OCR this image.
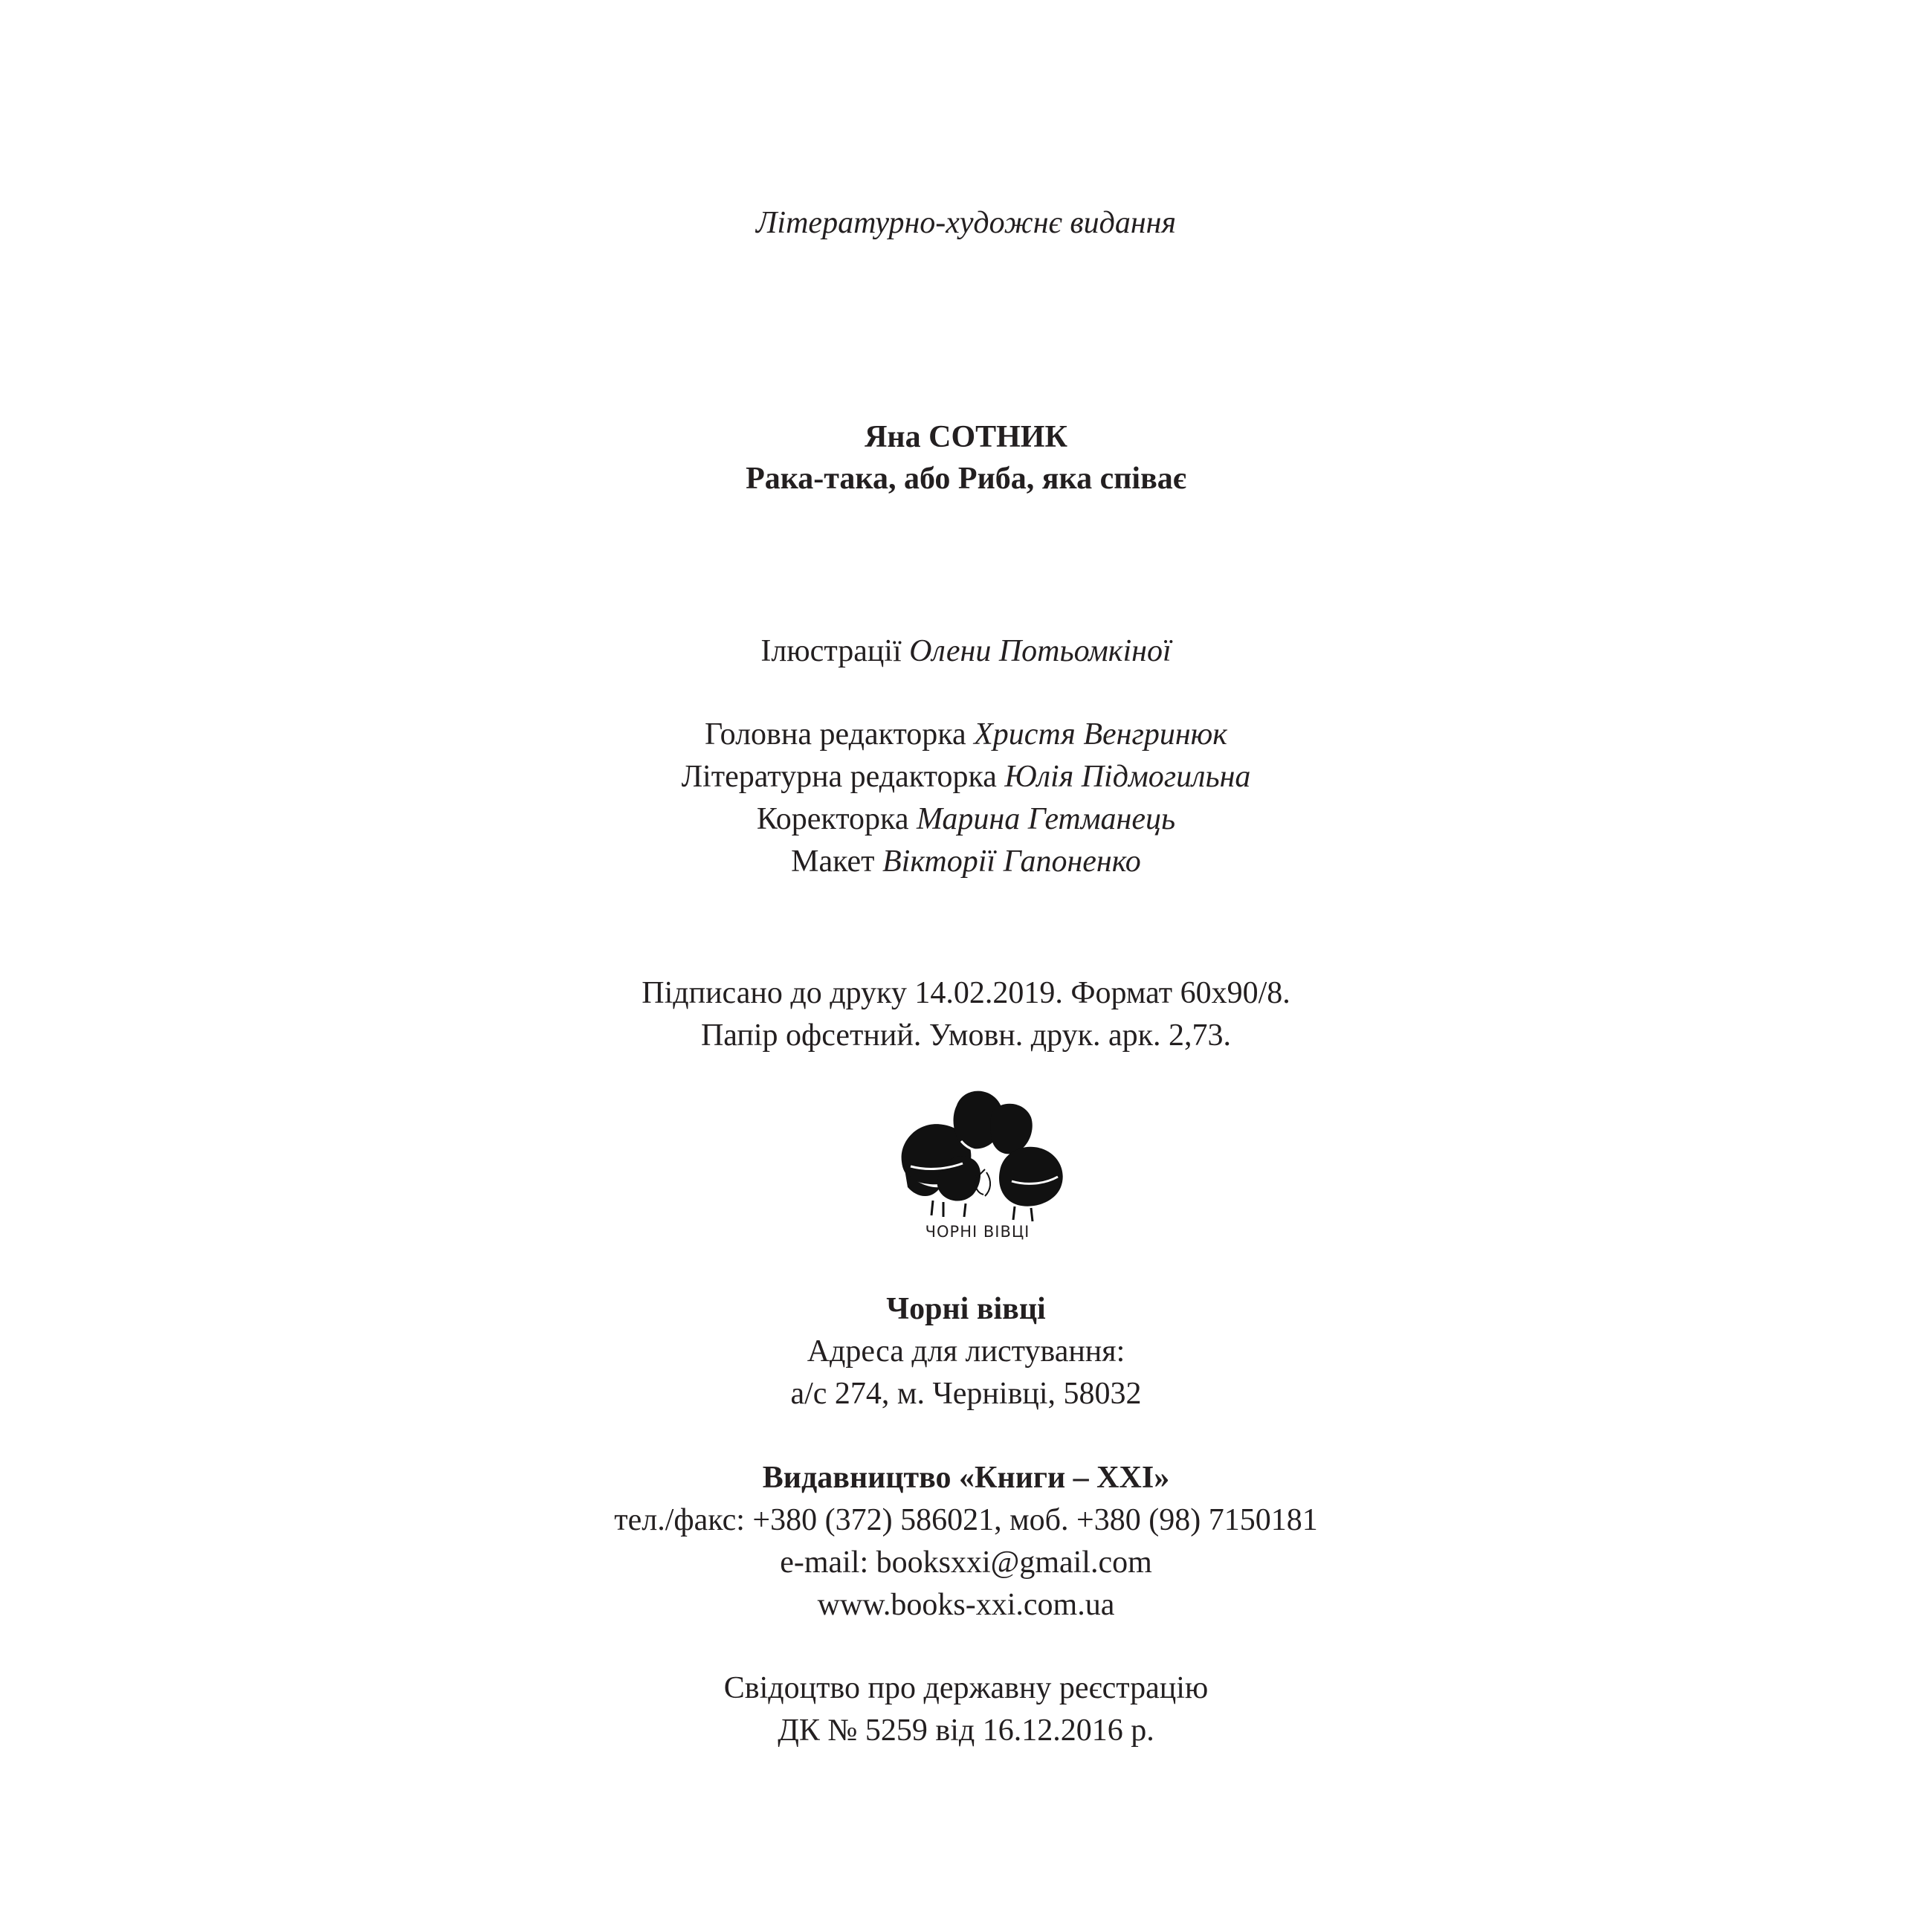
Літературно-художнє видання
Яна СОТНИК
Рака-така, або Риба, яка співає
Ілюстрації Олени Потьомкіної
Головна редакторка Христя Венгринюк
Літературна редакторка Юлія Підмогильна
Коректорка Марина Гетманець
Макет Вікторії Гапоненко
Підписано до друку 14.02.2019. Формат 60х90/8.
Папір офсетний. Умовн. друк. арк. 2,73.
ЧОРНІ ВІВЦІ
Чорні вівці
Адреса для листування:
а/с 274, м. Чернівці, 58032
Видавництво «Книги – XXI»
тел./факс: +380 (372) 586021, моб. +380 (98) 7150181
e-mail: booksxxi@gmail.com
www.books-xxi.com.ua
Свідоцтво про державну реєстрацію
ДК № 5259 від 16.12.2016 р.
